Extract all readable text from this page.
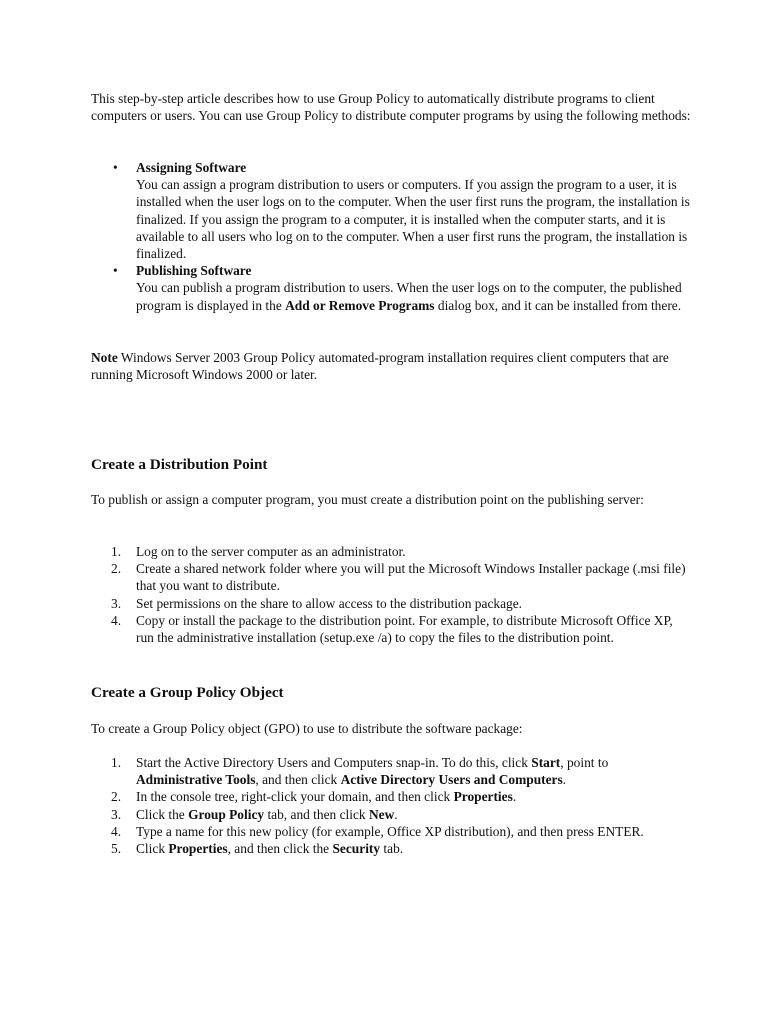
This step-by-step article describes how to use Group Policy to automatically distribute programs to client computers or users. You can use Group Policy to distribute computer programs by using the following methods:

• Assigning Software
You can assign a program distribution to users or computers. If you assign the program to a user, it is installed when the user logs on to the computer. When the user first runs the program, the installation is finalized. If you assign the program to a computer, it is installed when the computer starts, and it is available to all users who log on to the computer. When a user first runs the program, the installation is finalized.
• Publishing Software
You can publish a program distribution to users. When the user logs on to the computer, the published program is displayed in the Add or Remove Programs dialog box, and it can be installed from there.

Note Windows Server 2003 Group Policy automated-program installation requires client computers that are running Microsoft Windows 2000 or later.

Create a Distribution Point

To publish or assign a computer program, you must create a distribution point on the publishing server:

1. Log on to the server computer as an administrator.
2. Create a shared network folder where you will put the Microsoft Windows Installer package (.msi file) that you want to distribute.
3. Set permissions on the share to allow access to the distribution package.
4. Copy or install the package to the distribution point. For example, to distribute Microsoft Office XP, run the administrative installation (setup.exe /a) to copy the files to the distribution point.
Create a Group Policy Object

To create a Group Policy object (GPO) to use to distribute the software package:

1. Start the Active Directory Users and Computers snap-in. To do this, click Start, point to Administrative Tools, and then click Active Directory Users and Computers.
2. In the console tree, right-click your domain, and then click Properties.
3. Click the Group Policy tab, and then click New.
4. Type a name for this new policy (for example, Office XP distribution), and then press ENTER.
5. Click Properties, and then click the Security tab.
